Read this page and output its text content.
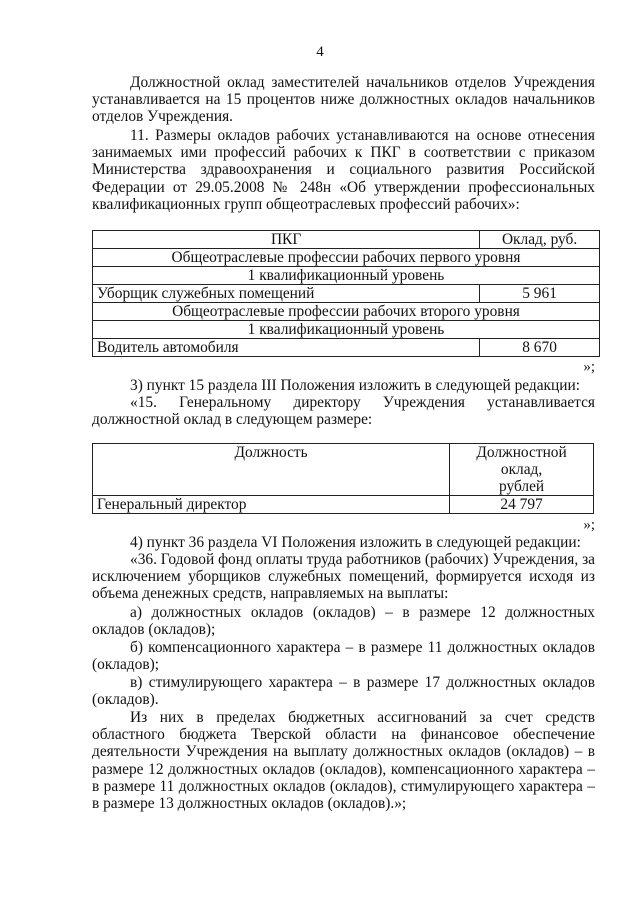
4

Должностной оклад заместителей начальников отделов Учреждения устанавливается на 15 процентов ниже должностных окладов начальников отделов Учреждения.

11. Размеры окладов рабочих устанавливаются на основе отнесения занимаемых ими профессий рабочих к ПКГ в соответствии с приказом Министерства здравоохранения и социального развития Российской Федерации от 29.05.2008 № 248н «Об утверждении профессиональных квалификационных групп общеотраслевых профессий рабочих»:

ПКГ	Оклад, руб.
Общеотраслевые профессии рабочих первого уровня	
1 квалификационный уровень	
Уборщик служебных помещений	5 961
Общеотраслевые профессии рабочих второго уровня	
1 квалификационный уровень	
Водитель автомобиля	8 670
»;

3) пункт 15 раздела III Положения изложить в следующей редакции:

«15. Генеральному директору Учреждения устанавливается должностной оклад в следующем размере:

Должность	Должностной
оклад,
рублей

Генеральный директор	24 797
»;

4) пункт 36 раздела VI Положения изложить в следующей редакции:

«36. Годовой фонд оплаты труда работников (рабочих) Учреждения, за исключением уборщиков служебных помещений, формируется исходя из объема денежных средств, направляемых на выплаты:

а) должностных окладов (окладов) – в размере 12 должностных окладов (окладов);

б) компенсационного характера – в размере 11 должностных окладов (окладов);

в) стимулирующего характера – в размере 17 должностных окладов (окладов).

Из них в пределах бюджетных ассигнований за счет средств областного бюджета Тверской области на финансовое обеспечение деятельности Учреждения на выплату должностных окладов (окладов) – в размере 12 должностных окладов (окладов), компенсационного характера – в размере 11 должностных окладов (окладов), стимулирующего характера – в размере 13 должностных окладов (окладов).»;
